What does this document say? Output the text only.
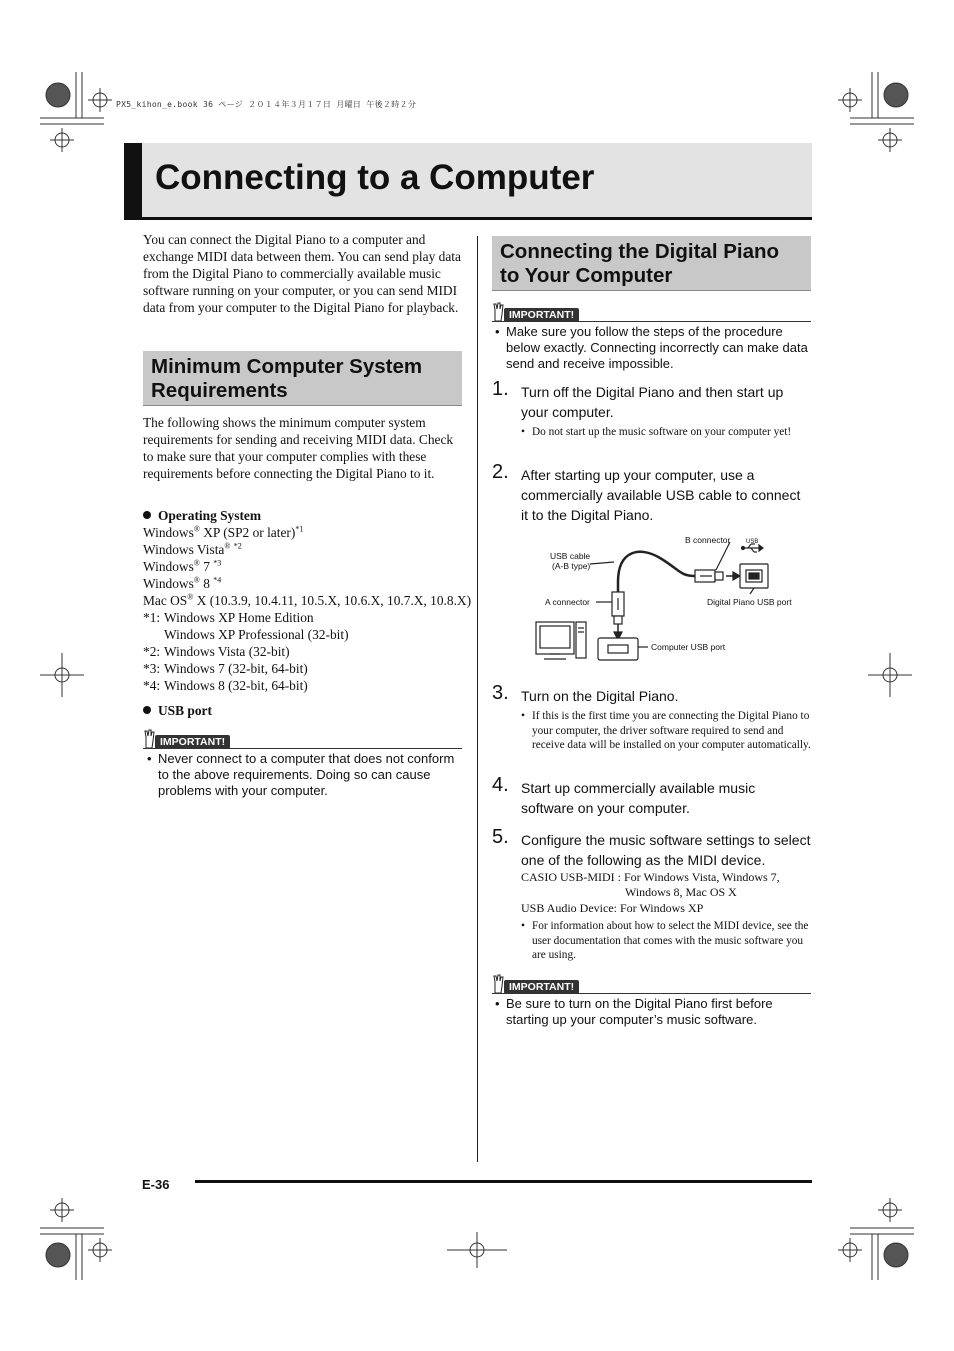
PX5_kihon_e.book 36 ページ ２０１４年３月１７日 月曜日 午後２時２分
Connecting to a Computer
You can connect the Digital Piano to a computer and exchange MIDI data between them. You can send play data from the Digital Piano to commercially available music software running on your computer, or you can send MIDI data from your computer to the Digital Piano for playback.
Minimum Computer System
Requirements
The following shows the minimum computer system requirements for sending and receiving MIDI data. Check to make sure that your computer complies with these requirements before connecting the Digital Piano to it.
Operating System
Windows® XP (SP2 or later)$^{*1}$
Windows Vista® $^{*2}$
Windows® 7 $^{*3}$
Windows® 8 $^{*4}$
Mac OS® X (10.3.9, 10.4.11, 10.5.X, 10.6.X, 10.7.X, 10.8.X)
*1: Windows XP Home Edition
Windows XP Professional (32-bit)
*2: Windows Vista (32-bit)
*3: Windows 7 (32-bit, 64-bit)
*4: Windows 8 (32-bit, 64-bit)
USB port
IMPORTANT!
• Never connect to a computer that does not conform to the above requirements. Doing so can cause problems with your computer.
Connecting the Digital Piano
to Your Computer
IMPORTANT!
• Make sure you follow the steps of the procedure below exactly. Connecting incorrectly can make data send and receive impossible.
1. Turn off the Digital Piano and then start up your computer.
• Do not start up the music software on your computer yet!
2. After starting up your computer, use a commercially available USB cable to connect it to the Digital Piano.
B connector	USB
USB cable
(A-B type)
A connector	Digital Piano USB port
Computer USB port
3. Turn on the Digital Piano.
• If this is the first time you are connecting the Digital Piano to your computer, the driver software required to send and receive data will be installed on your computer automatically.
4. Start up commercially available music software on your computer.
5. Configure the music software settings to select one of the following as the MIDI device.
CASIO USB-MIDI : For Windows Vista, Windows 7,
Windows 8, Mac OS X
USB Audio Device: For Windows XP
• For information about how to select the MIDI device, see the user documentation that comes with the music software you are using.
IMPORTANT!
• Be sure to turn on the Digital Piano first before starting up your computer’s music software.
E-36
